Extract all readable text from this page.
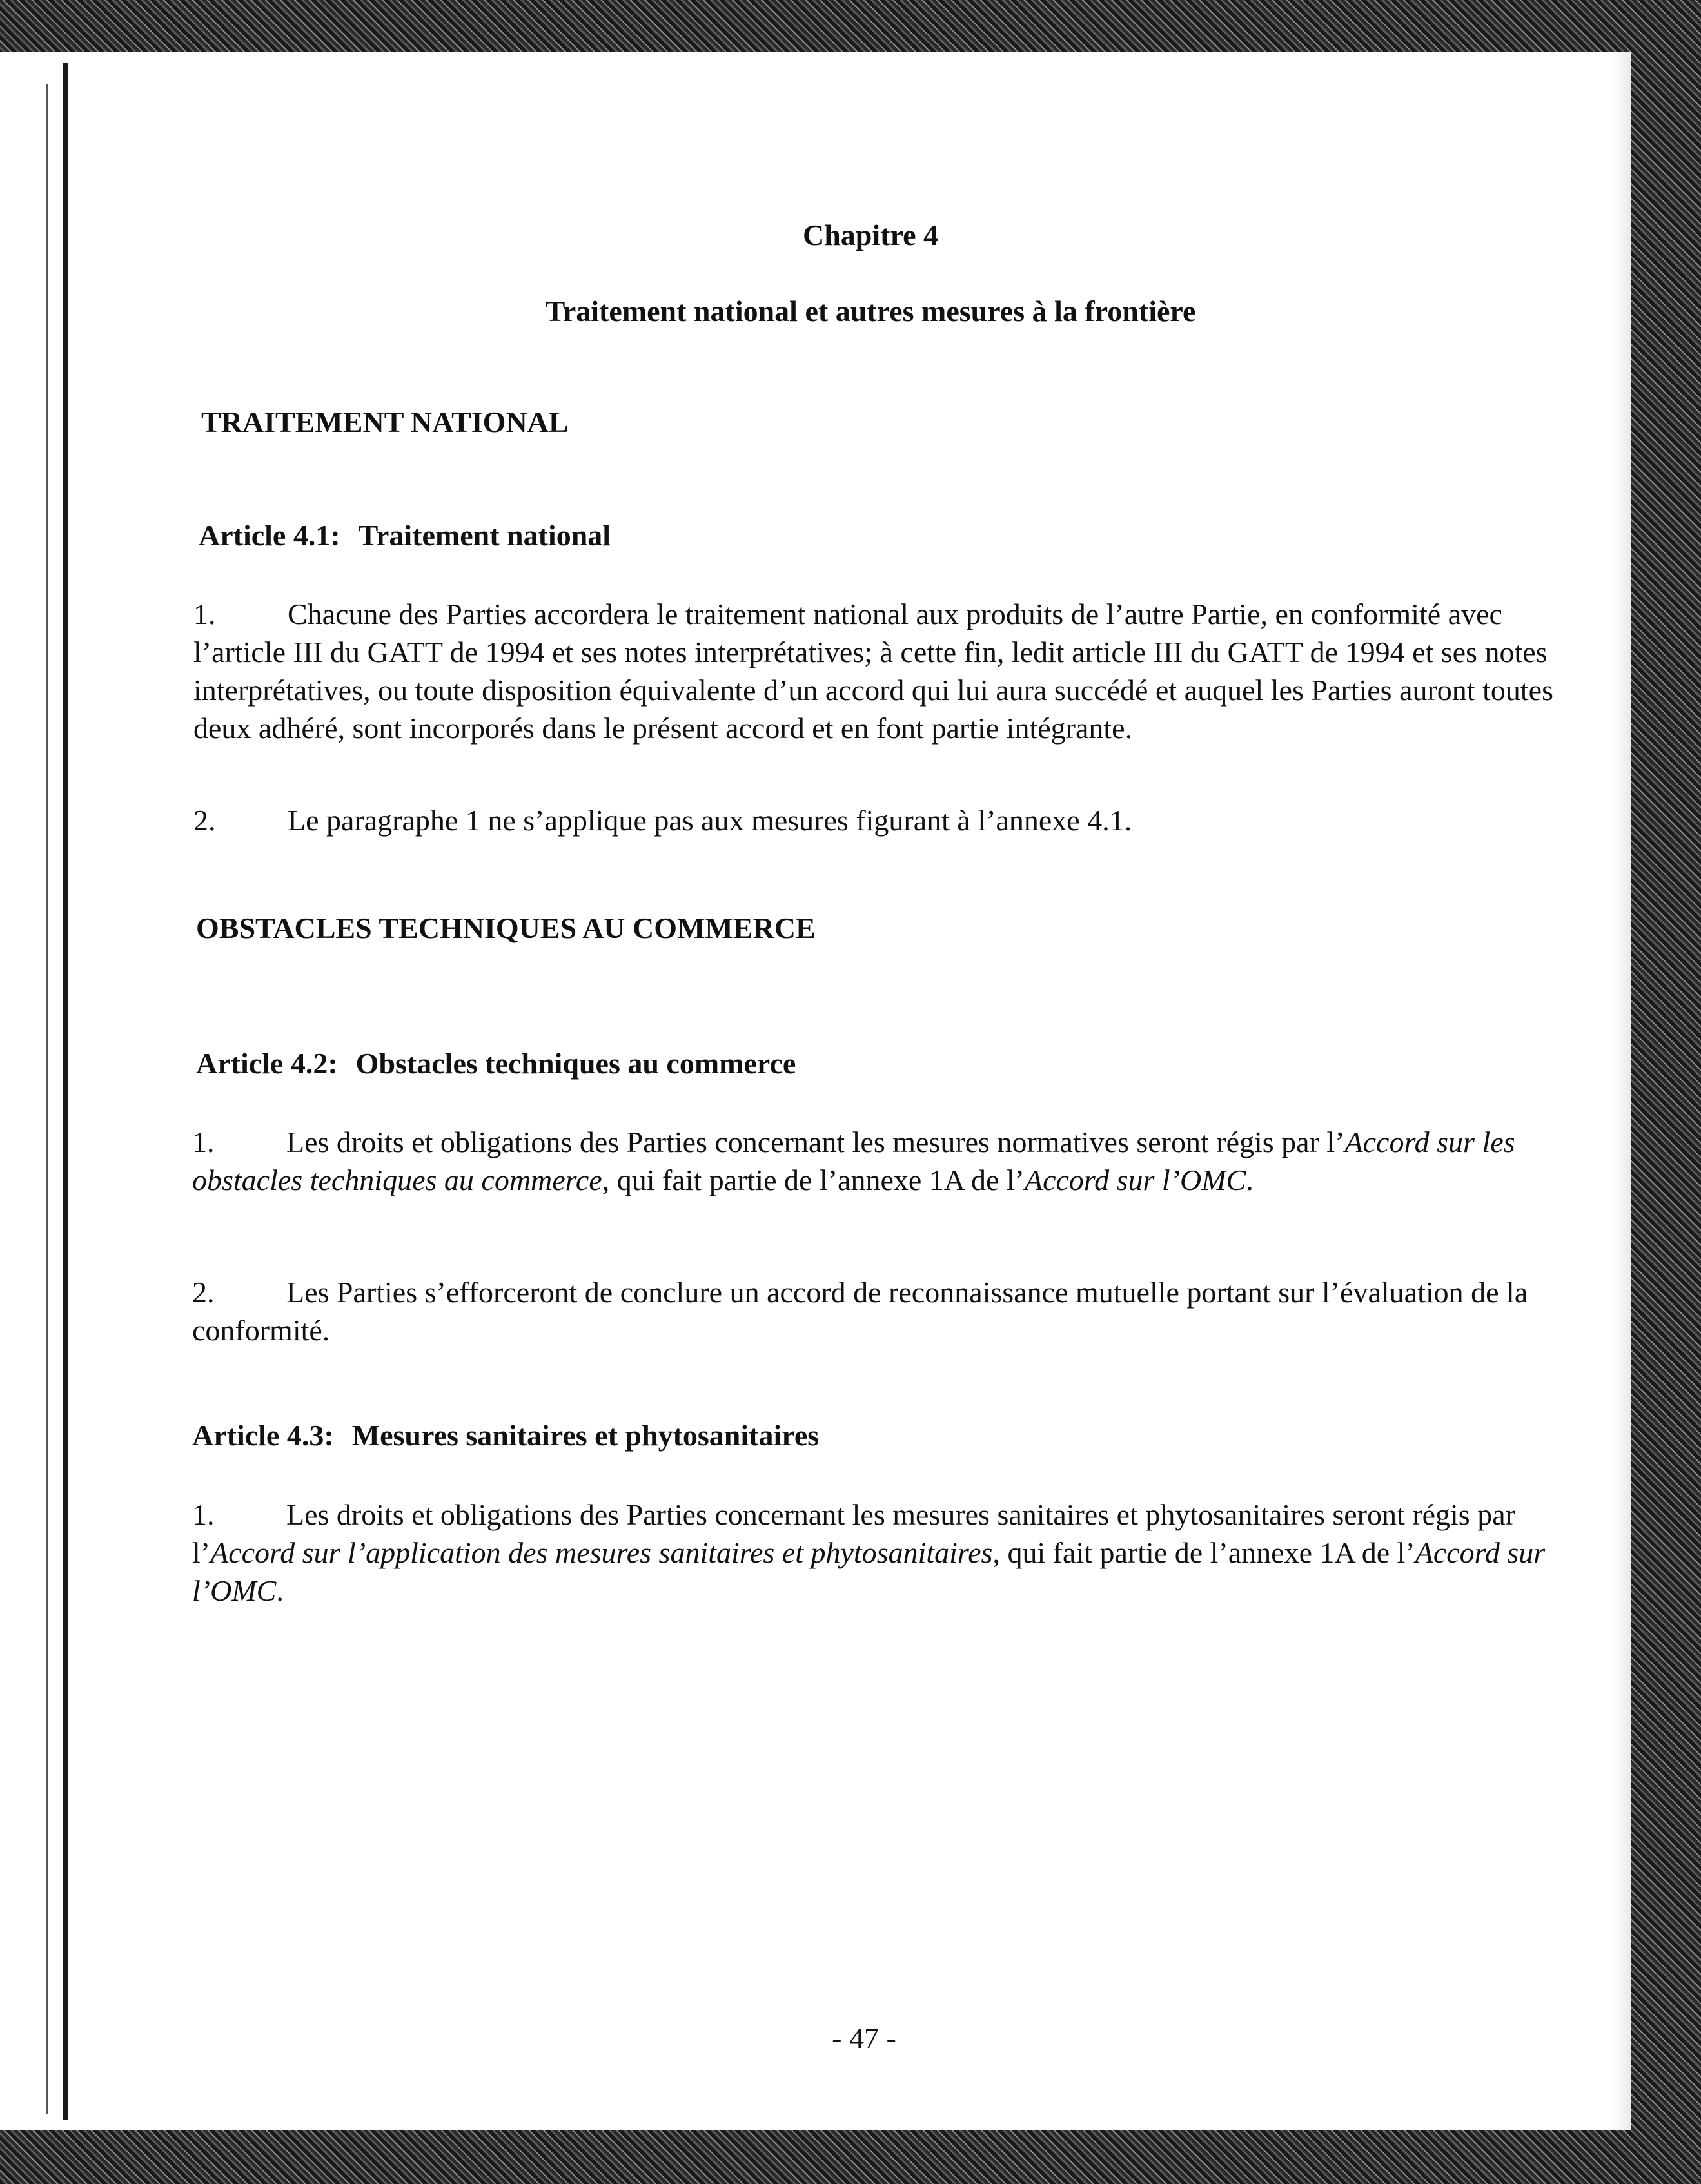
Chapitre 4
Traitement national et autres mesures à la frontière
TRAITEMENT NATIONAL
Article 4.1: Traitement national
1. Chacune des Parties accordera le traitement national aux produits de l’autre Partie, en conformité avec l’article III du GATT de 1994 et ses notes interprétatives; à cette fin, ledit article III du GATT de 1994 et ses notes interprétatives, ou toute disposition équivalente d’un accord qui lui aura succédé et auquel les Parties auront toutes deux adhéré, sont incorporés dans le présent accord et en font partie intégrante.
2. Le paragraphe 1 ne s’applique pas aux mesures figurant à l’annexe 4.1.
OBSTACLES TECHNIQUES AU COMMERCE
Article 4.2: Obstacles techniques au commerce
1. Les droits et obligations des Parties concernant les mesures normatives seront régis par l’Accord sur les obstacles techniques au commerce, qui fait partie de l’annexe 1A de l’Accord sur l’OMC.
2. Les Parties s’efforceront de conclure un accord de reconnaissance mutuelle portant sur l’évaluation de la conformité.
Article 4.3: Mesures sanitaires et phytosanitaires
1. Les droits et obligations des Parties concernant les mesures sanitaires et phytosanitaires seront régis par l’Accord sur l’application des mesures sanitaires et phytosanitaires, qui fait partie de l’annexe 1A de l’Accord sur l’OMC.
- 47 -
